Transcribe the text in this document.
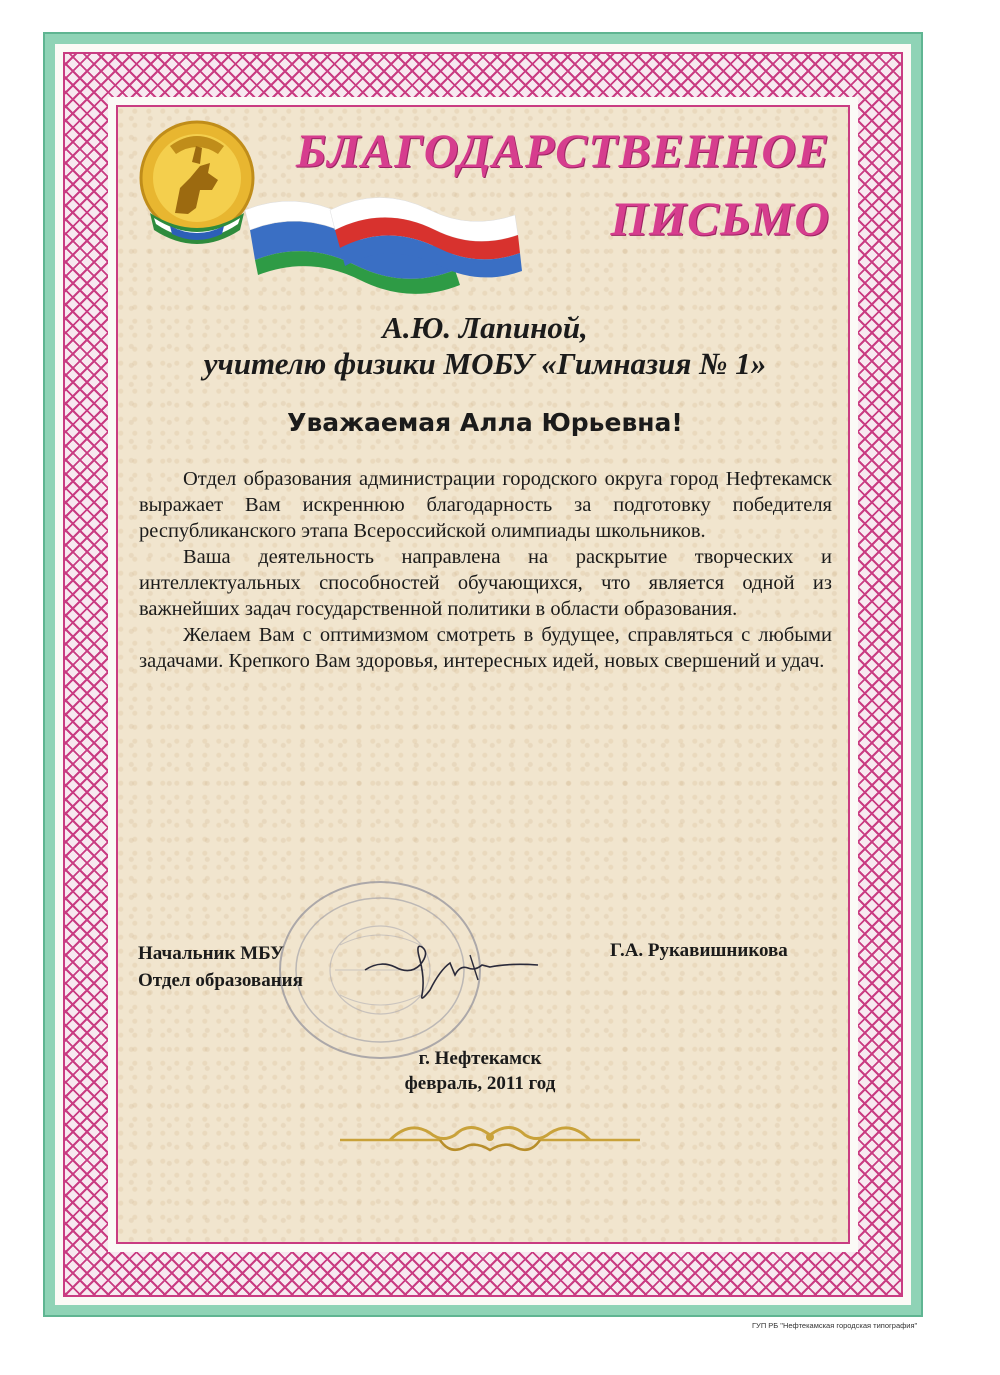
БЛАГОДАРСТВЕННОЕ
ПИСЬМО
А.Ю. Лапиной,
учителю физики МОБУ «Гимназия № 1»
Уважаемая Алла Юрьевна!

Отдел образования администрации городского округа город Нефтекамск выражает Вам искреннюю благодарность за подготовку победителя республиканского этапа Всероссийской олимпиады школьников.

Ваша деятельность направлена на раскрытие творческих и интеллектуальных способностей обучающихся, что является одной из важнейших задач государственной политики в области образования.

Желаем Вам с оптимизмом смотреть в будущее, справляться с любыми задачами. Крепкого Вам здоровья, интересных идей, новых свершений и удач.

Начальник МБУ
Отдел образования
Г.А. Рукавишникова
г. Нефтекамск
февраль, 2011 год
ГУП РБ "Нефтекамская городская типография"
